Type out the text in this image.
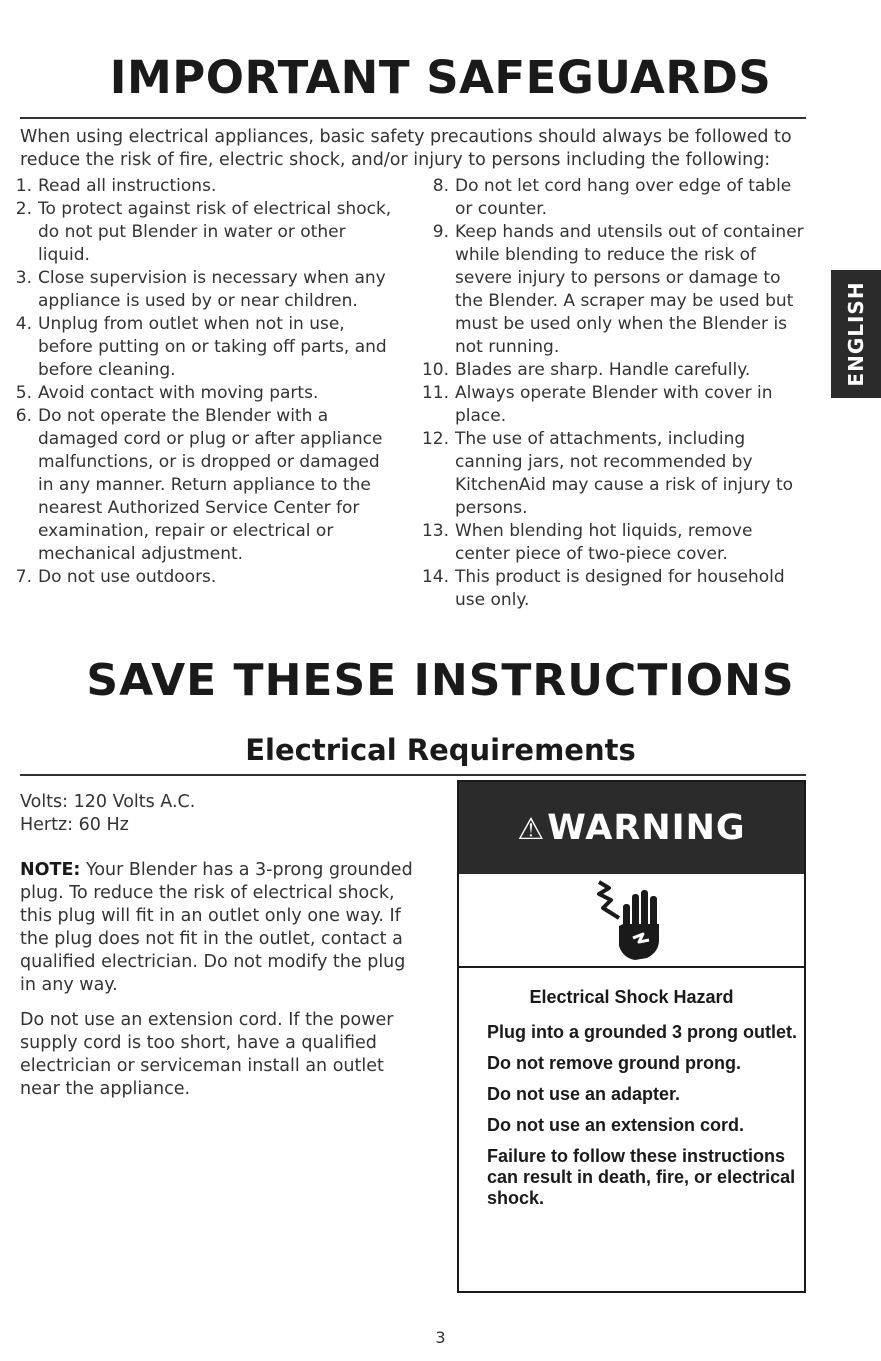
IMPORTANT SAFEGUARDS

When using electrical appliances, basic safety precautions should always be followed to reduce the risk of fire, electric shock, and/or injury to persons including the following:

1. Read all instructions.
2. To protect against risk of electrical shock, do not put Blender in water or other liquid.
3. Close supervision is necessary when any appliance is used by or near children.
4. Unplug from outlet when not in use, before putting on or taking off parts, and before cleaning.
5. Avoid contact with moving parts.
6. Do not operate the Blender with a damaged cord or plug or after appliance malfunctions, or is dropped or damaged in any manner. Return appliance to the nearest Authorized Service Center for examination, repair or electrical or mechanical adjustment.
7. Do not use outdoors.
8. Do not let cord hang over edge of table or counter.
9. Keep hands and utensils out of container while blending to reduce the risk of severe injury to persons or damage to the Blender. A scraper may be used but must be used only when the Blender is not running.
10. Blades are sharp. Handle carefully.
11. Always operate Blender with cover in place.
12. The use of attachments, including canning jars, not recommended by KitchenAid may cause a risk of injury to persons.
13. When blending hot liquids, remove center piece of two-piece cover.
14. This product is designed for household use only.
ENGLISH
SAVE THESE INSTRUCTIONS
Electrical Requirements

Volts: 120 Volts A.C.

Hertz: 60 Hz

NOTE: Your Blender has a 3-prong grounded plug. To reduce the risk of electrical shock, this plug will fit in an outlet only one way. If the plug does not fit in the outlet, contact a qualified electrician. Do not modify the plug in any way.

Do not use an extension cord. If the power supply cord is too short, have a qualified electrician or serviceman install an outlet near the appliance.

⚠WARNING
Electrical Shock Hazard

Plug into a grounded 3 prong outlet.

Do not remove ground prong.

Do not use an adapter.

Do not use an extension cord.

Failure to follow these instructions can result in death, fire, or electrical shock.

3
